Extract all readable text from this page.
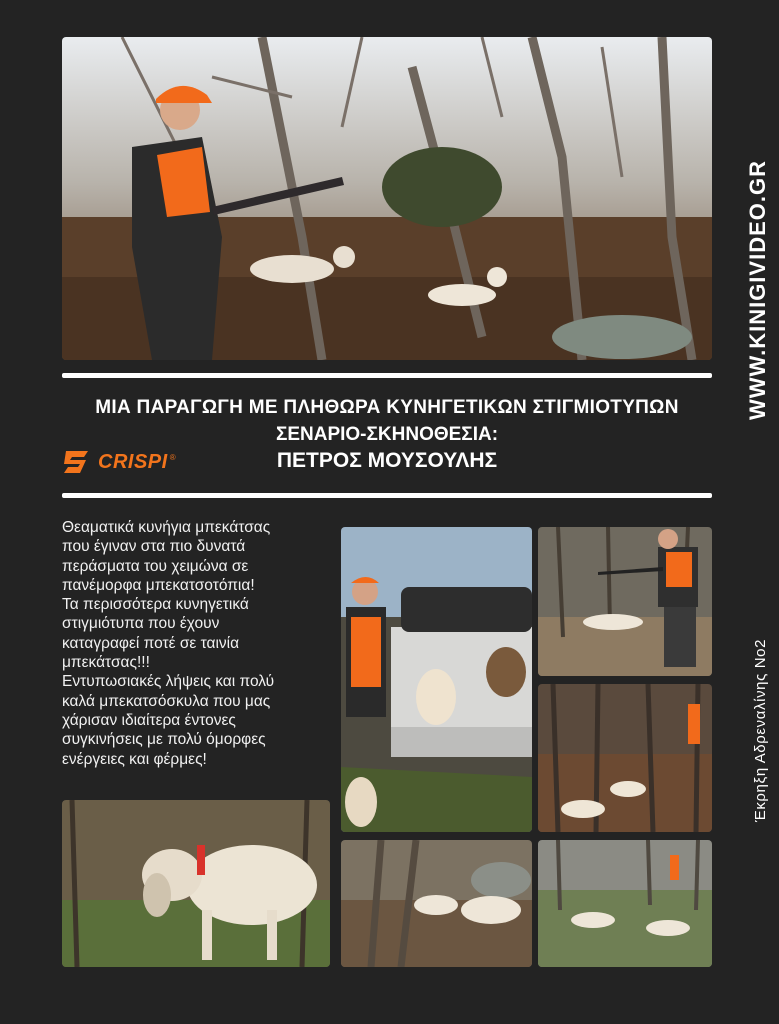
ΜΙΑ ΠΑΡΑΓΩΓΗ ΜΕ ΠΛΗΘΩΡΑ ΚΥΝΗΓΕΤΙΚΩΝ ΣΤΙΓΜΙΟΤΥΠΩΝ
ΣΕΝΑΡΙΟ-ΣΚΗΝΟΘΕΣΙΑ:
ΠΕΤΡΟΣ ΜΟΥΣΟΥΛΗΣ
CRISPI ®
Θεαματικά κυνήγια μπεκάτσας
που έγιναν στα πιο δυνατά
περάσματα του χειμώνα σε
πανέμορφα μπεκατσοτόπια!
Τα περισσότερα κυνηγετικά
στιγμιότυπα που έχουν
καταγραφεί ποτέ σε ταινία
μπεκάτσας!!!
Εντυπωσιακές λήψεις και πολύ
καλά μπεκατσόσκυλα που μας
χάρισαν ιδιαίτερα έντονες
συγκινήσεις με πολύ όμορφες
ενέργειες και φέρμες!
WWW.KINIGIVIDEO.GR
Έκρηξη Αδρεναλίνης Νο2
